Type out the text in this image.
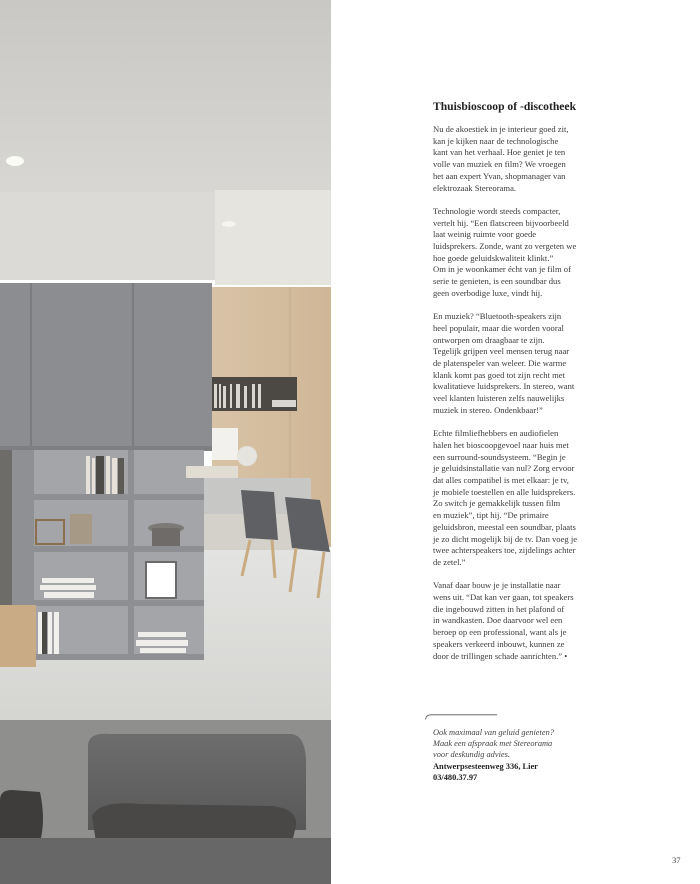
Thuisbioscoop of -discotheek

Nu de akoestiek in je interieur goed zit,
kan je kijken naar de technologische
kant van het verhaal. Hoe geniet je ten
volle van muziek en film? We vroegen
het aan expert Yvan, shopmanager van
elektrozaak Stereorama.

Technologie wordt steeds compacter,
vertelt hij. “Een flatscreen bijvoorbeeld
laat weinig ruimte voor goede
luidsprekers. Zonde, want zo vergeten we
hoe goede geluidskwaliteit klinkt.”
Om in je woonkamer écht van je film of
serie te genieten, is een soundbar dus
geen overbodige luxe, vindt hij.

En muziek? “Bluetooth-speakers zijn
heel populair, maar die worden vooral
ontworpen om draagbaar te zijn.
Tegelijk grijpen veel mensen terug naar
de platenspeler van weleer. Die warme
klank komt pas goed tot zijn recht met
kwalitatieve luidsprekers. In stereo, want
veel klanten luisteren zelfs nauwelijks
muziek in stereo. Ondenkbaar!”

Echte filmliefhebbers en audiofielen
halen het bioscoopgevoel naar huis met
een surround-soundsysteem. “Begin je
je geluidsinstallatie van nul? Zorg ervoor
dat alles compatibel is met elkaar: je tv,
je mobiele toestellen en alle luidsprekers.
Zo switch je gemakkelijk tussen film
en muziek”, tipt hij. “De primaire
geluidsbron, meestal een soundbar, plaats
je zo dicht mogelijk bij de tv. Dan voeg je
twee achterspeakers toe, zijdelings achter
de zetel.”

Vanaf daar bouw je je installatie naar
wens uit. “Dat kan ver gaan, tot speakers
die ingebouwd zitten in het plafond of
in wandkasten. Doe daarvoor wel een
beroep op een professional, want als je
speakers verkeerd inbouwt, kunnen ze
door de trillingen schade aanrichten.” •

Ook maximaal van geluid genieten?
Maak een afspraak met Stereorama
voor deskundig advies.
Antwerpsesteenweg 336, Lier
03/480.37.97
37
